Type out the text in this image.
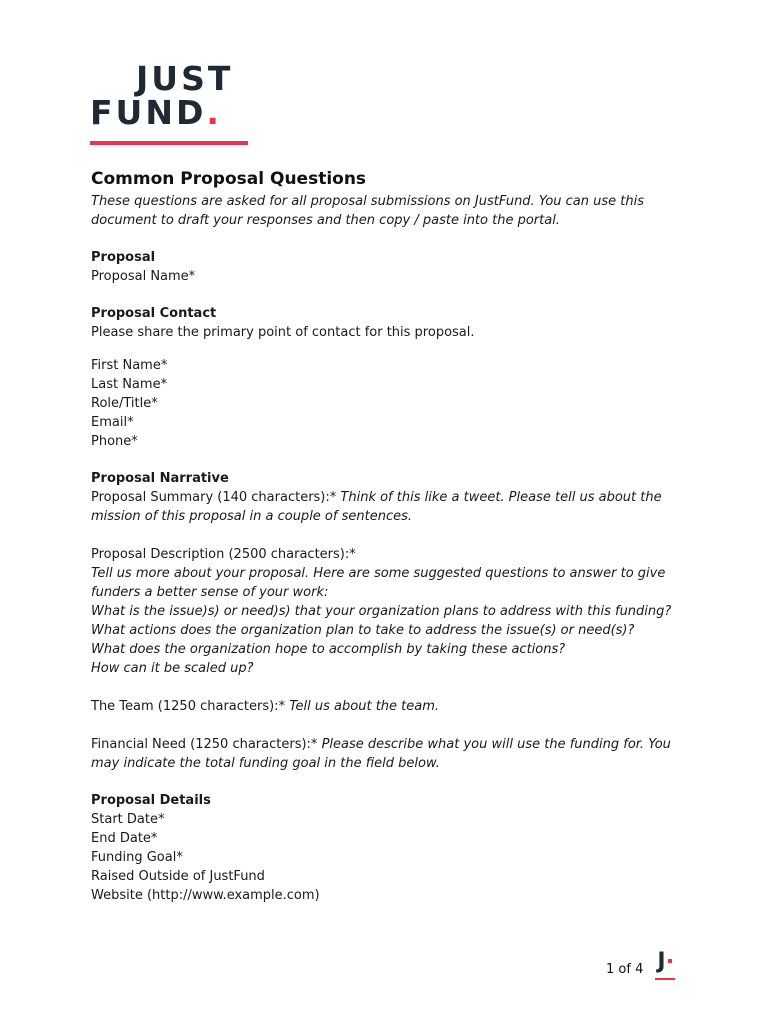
JUST
FUND.
Common Proposal Questions

These questions are asked for all proposal submissions on JustFund. You can use this document to draft your responses and then copy / paste into the portal.

Proposal

Proposal Name*

Proposal Contact

Please share the primary point of contact for this proposal.

First Name*

Last Name*

Role/Title*

Email*

Phone*

Proposal Narrative

Proposal Summary (140 characters):* Think of this like a tweet. Please tell us about the mission of this proposal in a couple of sentences.

Proposal Description (2500 characters):*

Tell us more about your proposal. Here are some suggested questions to answer to give funders a better sense of your work:

What is the issue)s) or need)s) that your organization plans to address with this funding?

What actions does the organization plan to take to address the issue(s) or need(s)?

What does the organization hope to accomplish by taking these actions?

How can it be scaled up?

The Team (1250 characters):* Tell us about the team.

Financial Need (1250 characters):* Please describe what you will use the funding for. You may indicate the total funding goal in the field below.

Proposal Details

Start Date*

End Date*

Funding Goal*

Raised Outside of JustFund

Website (http://www.example.com)

1 of 4 J
